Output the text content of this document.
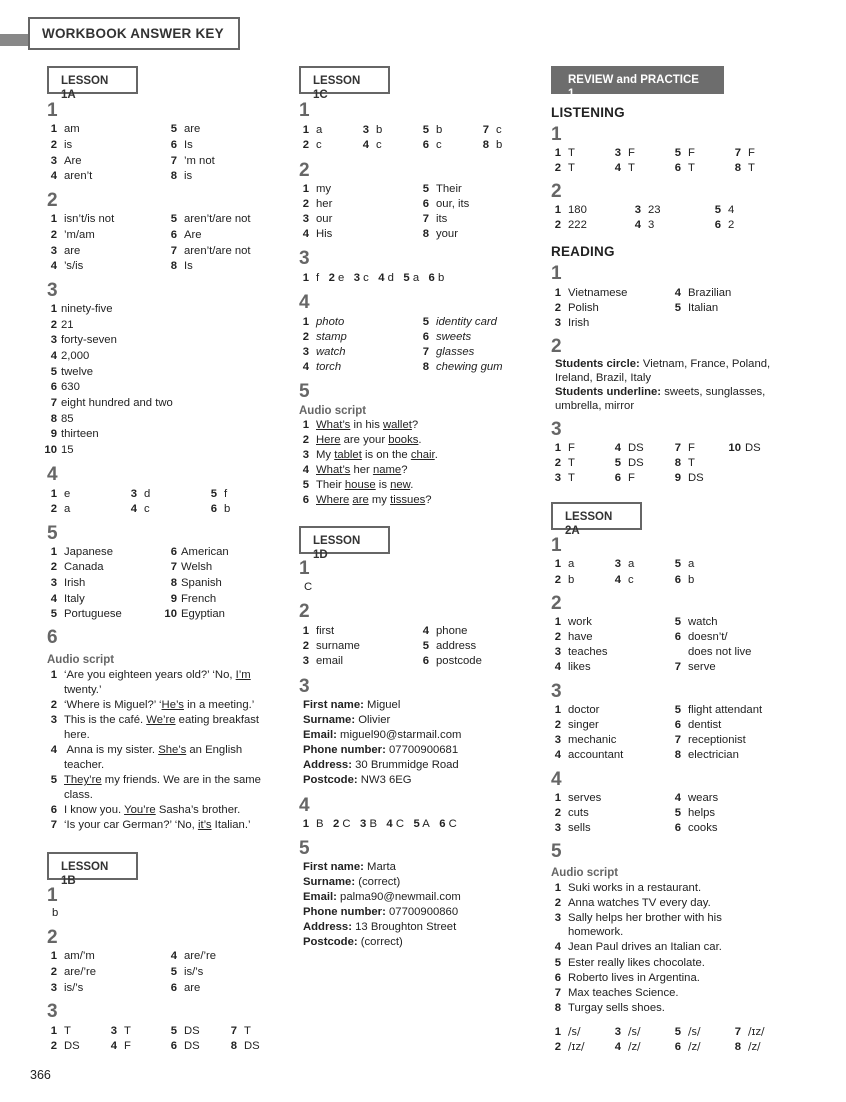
WORKBOOK ANSWER KEY
LESSON 1A
1
1 am
2 is
3 Are
4 aren’t
5 are
6 Is
7 ’m not
8 is
2
1 isn’t/is not
2 ’m/am
3 are
4 ’s/is
5 aren’t/are not
6 Are
7 aren’t/are not
8 Is
3
1 ninety-five
2 21
3 forty-seven
4 2,000
5 twelve
6 630
7 eight hundred and two
8 85
9 thirteen
10 15
4
1 e
2 a
3 d
4 c
5 f
6 b
5
1 Japanese
2 Canada
3 Irish
4 Italy
5 Portuguese
6 American
7 Welsh
8 Spanish
9 French
10 Egyptian
6
Audio script
1 ‘Are you eighteen years old?’ ‘No, I’m
twenty.’
2 ‘Where is Miguel?’ ‘He’s in a meeting.’
3 This is the café. We’re eating breakfast
here.
4 Anna is my sister. She’s an English
teacher.
5 They’re my friends. We are in the same
class.
6 I know you. You’re Sasha’s brother.
7 ‘Is your car German?’ ‘No, it’s Italian.’
LESSON 1B
1
b
2
1 am/’m
2 are/’re
3 is/’s
4 are/’re
5 is/’s
6 are
3
1 T
2 DS
3 T
4 F
5 DS
6 DS
7 T
8 DS
366
LESSON 1C
1
1 a
2 c
3 b
4 c
5 b
6 c
7 c
8 b
2
1 my
2 her
3 our
4 His
5 Their
6 our, its
7 its
8 your
3
1 f 2 e 3 c 4 d 5 a 6 b
4
1 photo
2 stamp
3 watch
4 torch
5 identity card
6 sweets
7 glasses
8 chewing gum
5
Audio script
1 What’s in his wallet?
2 Here are your books.
3 My tablet is on the chair.
4 What’s her name?
5 Their house is new.
6 Where are my tissues?
LESSON 1D
1
C
2
1 first
2 surname
3 email
4 phone
5 address
6 postcode
3
First name: Miguel
Surname: Olivier
Email: miguel90@starmail.com
Phone number: 07700900681
Address: 30 Brummidge Road
Postcode: NW3 6EG
4
1 B 2 C 3 B 4 C 5 A 6 C
5
First name: Marta
Surname: (correct)
Email: palma90@newmail.com
Phone number: 07700900860
Address: 13 Broughton Street
Postcode: (correct)
REVIEW and PRACTICE 1
LISTENING
1
1 T
2 T
3 F
4 T
5 F
6 T
7 F
8 T
2
1 180
2 222
3 23
4 3
5 4
6 2
READING
1
1 Vietnamese
2 Polish
3 Irish
4 Brazilian
5 Italian
2
Students circle: Vietnam, France, Poland,
Ireland, Brazil, Italy
Students underline: sweets, sunglasses,
umbrella, mirror
3
1 F
2 T
3 T
4 DS
5 DS
6 F
7 F
8 T
9 DS
10 DS
LESSON 2A
1
1 a
2 b
3 a
4 c
5 a
6 b
2
1 work
2 have
3 teaches
4 likes
5 watch
6 doesn’t/
does not live
7 serve
3
1 doctor
2 singer
3 mechanic
4 accountant
5 flight attendant
6 dentist
7 receptionist
8 electrician
4
1 serves
2 cuts
3 sells
4 wears
5 helps
6 cooks
5
Audio script
1 Suki works in a restaurant.
2 Anna watches TV every day.
3 Sally helps her brother with his
homework.
4 Jean Paul drives an Italian car.
5 Ester really likes chocolate.
6 Roberto lives in Argentina.
7 Max teaches Science.
8 Turgay sells shoes.
1 /s/
2 /ɪz/
3 /s/
4 /z/
5 /s/
6 /z/
7 /ɪz/
8 /z/
